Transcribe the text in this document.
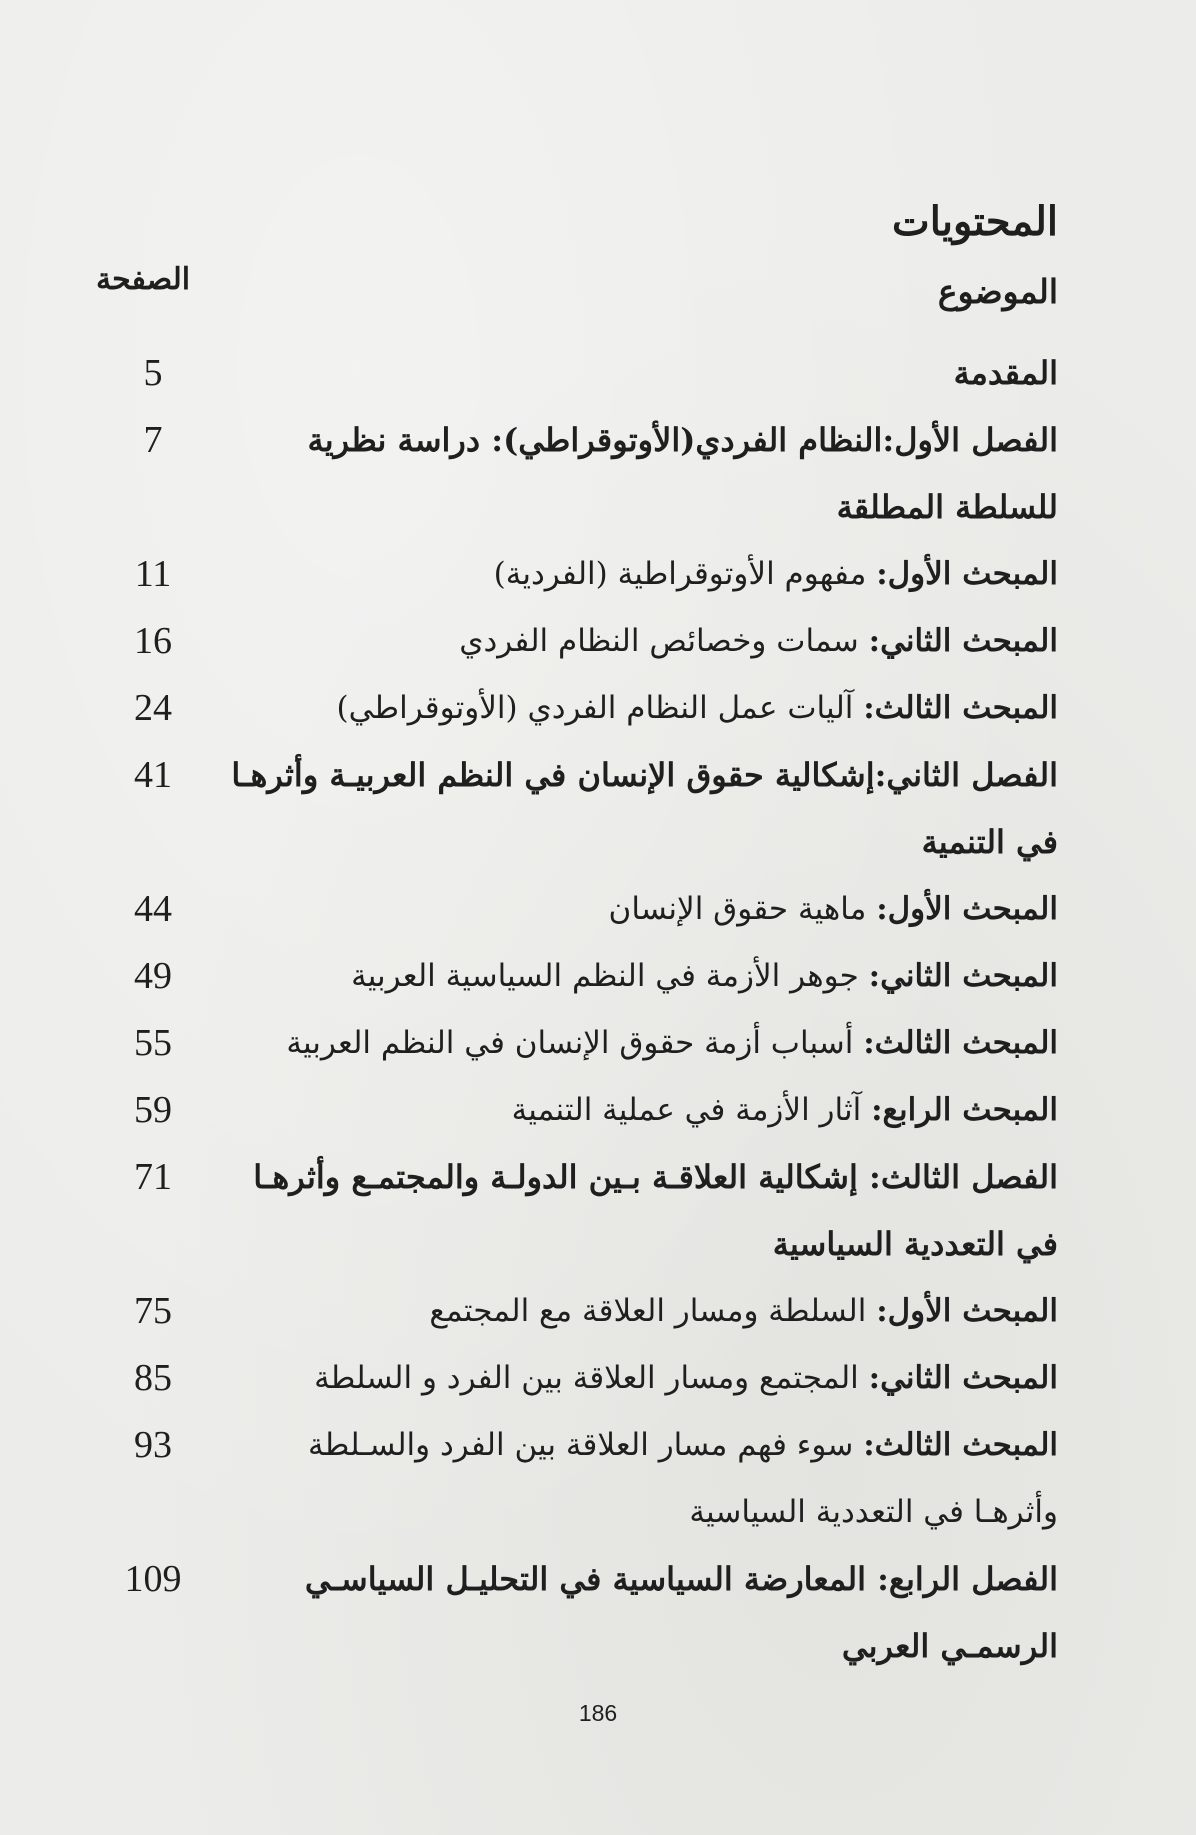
المحتويات
الموضوع
الصفحة
المقدمة
5
الفصل الأول:النظام الفردي(الأوتوقراطي): دراسة نظرية للسلطة المطلقة
7
المبحث الأول: مفهوم الأوتوقراطية (الفردية)
11
المبحث الثاني: سمات وخصائص النظام الفردي
16
المبحث الثالث: آليات عمل النظام الفردي (الأوتوقراطي)
24
الفصل الثاني:إشكالية حقوق الإنسان في النظم العربيـة وأثرهـا في التنمية
41
المبحث الأول: ماهية حقوق الإنسان
44
المبحث الثاني: جوهر الأزمة في النظم السياسية العربية
49
المبحث الثالث: أسباب أزمة حقوق الإنسان في النظم العربية
55
المبحث الرابع: آثار الأزمة في عملية التنمية
59
الفصل الثالث: إشكالية العلاقـة بـين الدولـة والمجتمـع وأثرهـا في التعددية السياسية
71
المبحث الأول: السلطة ومسار العلاقة مع المجتمع
75
المبحث الثاني: المجتمع ومسار العلاقة بين الفرد و السلطة
85
المبحث الثالث: سوء فهم مسار العلاقة بين الفرد والسـلطة وأثرهـا في التعددية السياسية
93
الفصل الرابع: المعارضة السياسية في التحليـل السياسـي الرسمـي العربي
109
186
